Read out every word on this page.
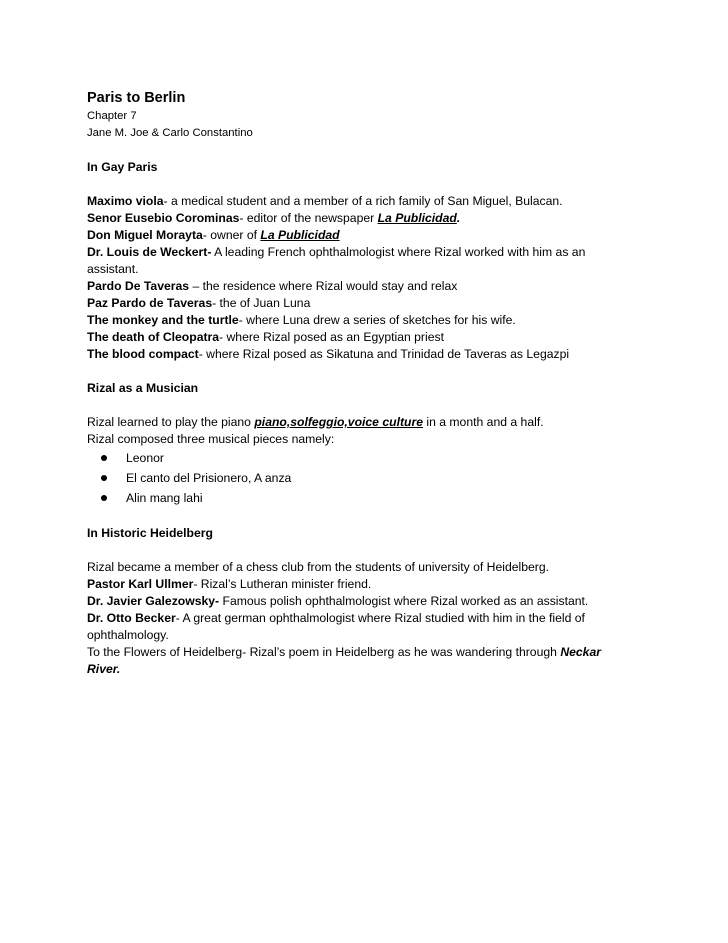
Paris to Berlin
Chapter 7
Jane M. Joe & Carlo Constantino
In Gay Paris
Maximo viola- a medical student and a member of a rich family of San Miguel, Bulacan.
Senor Eusebio Corominas- editor of the newspaper La Publicidad.
Don Miguel Morayta- owner of La Publicidad
Dr. Louis de Weckert- A leading French ophthalmologist where Rizal worked with him as an
assistant.
Pardo De Taveras – the residence where Rizal would stay and relax
Paz Pardo de Taveras- the of Juan Luna
The monkey and the turtle- where Luna drew a series of sketches for his wife.
The death of Cleopatra- where Rizal posed as an Egyptian priest
The blood compact- where Rizal posed as Sikatuna and Trinidad de Taveras as Legazpi
Rizal as a Musician
Rizal learned to play the piano piano,solfeggio,voice culture in a month and a half.
Rizal composed three musical pieces namely:
Leonor
El canto del Prisionero, A anza
Alin mang lahi
In Historic Heidelberg
Rizal became a member of a chess club from the students of university of Heidelberg.
Pastor Karl Ullmer- Rizal’s Lutheran minister friend.
Dr. Javier Galezowsky- Famous polish ophthalmologist where Rizal worked as an assistant.
Dr. Otto Becker- A great german ophthalmologist where Rizal studied with him in the field of
ophthalmology.
To the Flowers of Heidelberg- Rizal’s poem in Heidelberg as he was wandering through Neckar
River.
